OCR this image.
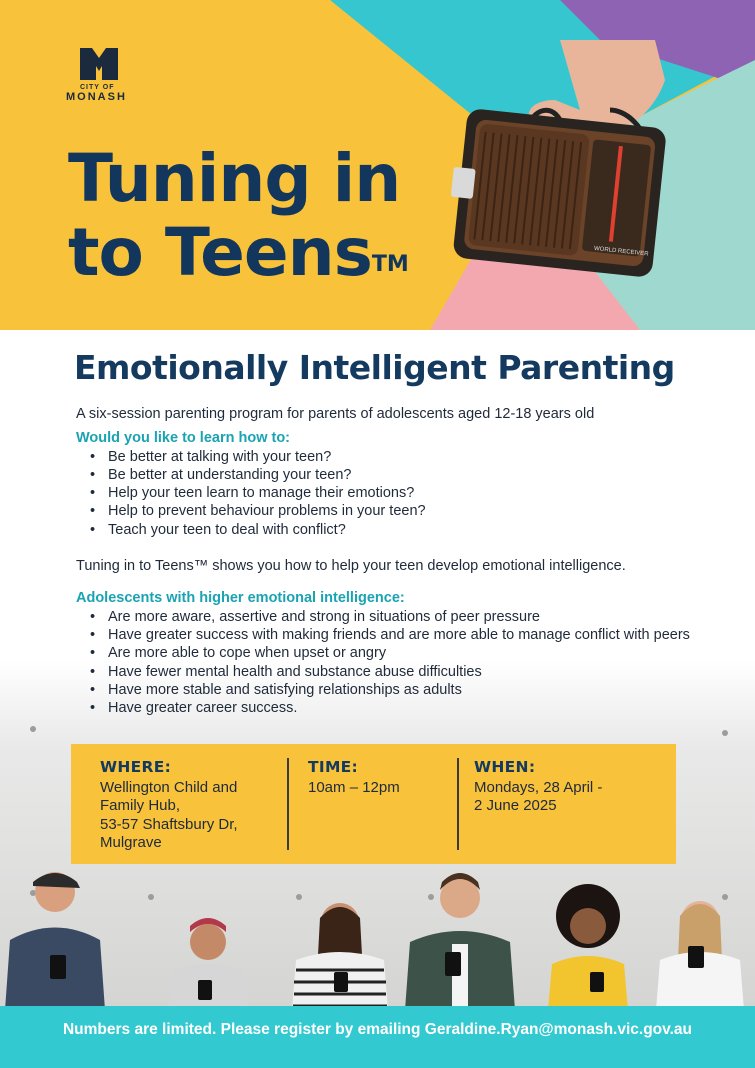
CITY OF
MONASH
Tuning in
to Teens™
WORLD RECEIVER
Emotionally Intelligent Parenting

A six-session parenting program for parents of adolescents aged 12-18 years old

Would you like to learn how to:
• Be better at talking with your teen?
• Be better at understanding your teen?
• Help your teen learn to manage their emotions?
• Help to prevent behaviour problems in your teen?
• Teach your teen to deal with conflict?

Tuning in to Teens™ shows you how to help your teen develop emotional intelligence.

Adolescents with higher emotional intelligence:
• Are more aware, assertive and strong in situations of peer pressure
• Have greater success with making friends and are more able to manage conflict with peers
• Are more able to cope when upset or angry
• Have fewer mental health and substance abuse difficulties
• Have more stable and satisfying relationships as adults
• Have greater career success.
WHERE:
Wellington Child and
Family Hub,
53-57 Shaftsbury Dr,
Mulgrave
TIME:
10am – 12pm
WHEN:
Mondays, 28 April -
2 June 2025
Numbers are limited. Please register by emailing Geraldine.Ryan@monash.vic.gov.au
